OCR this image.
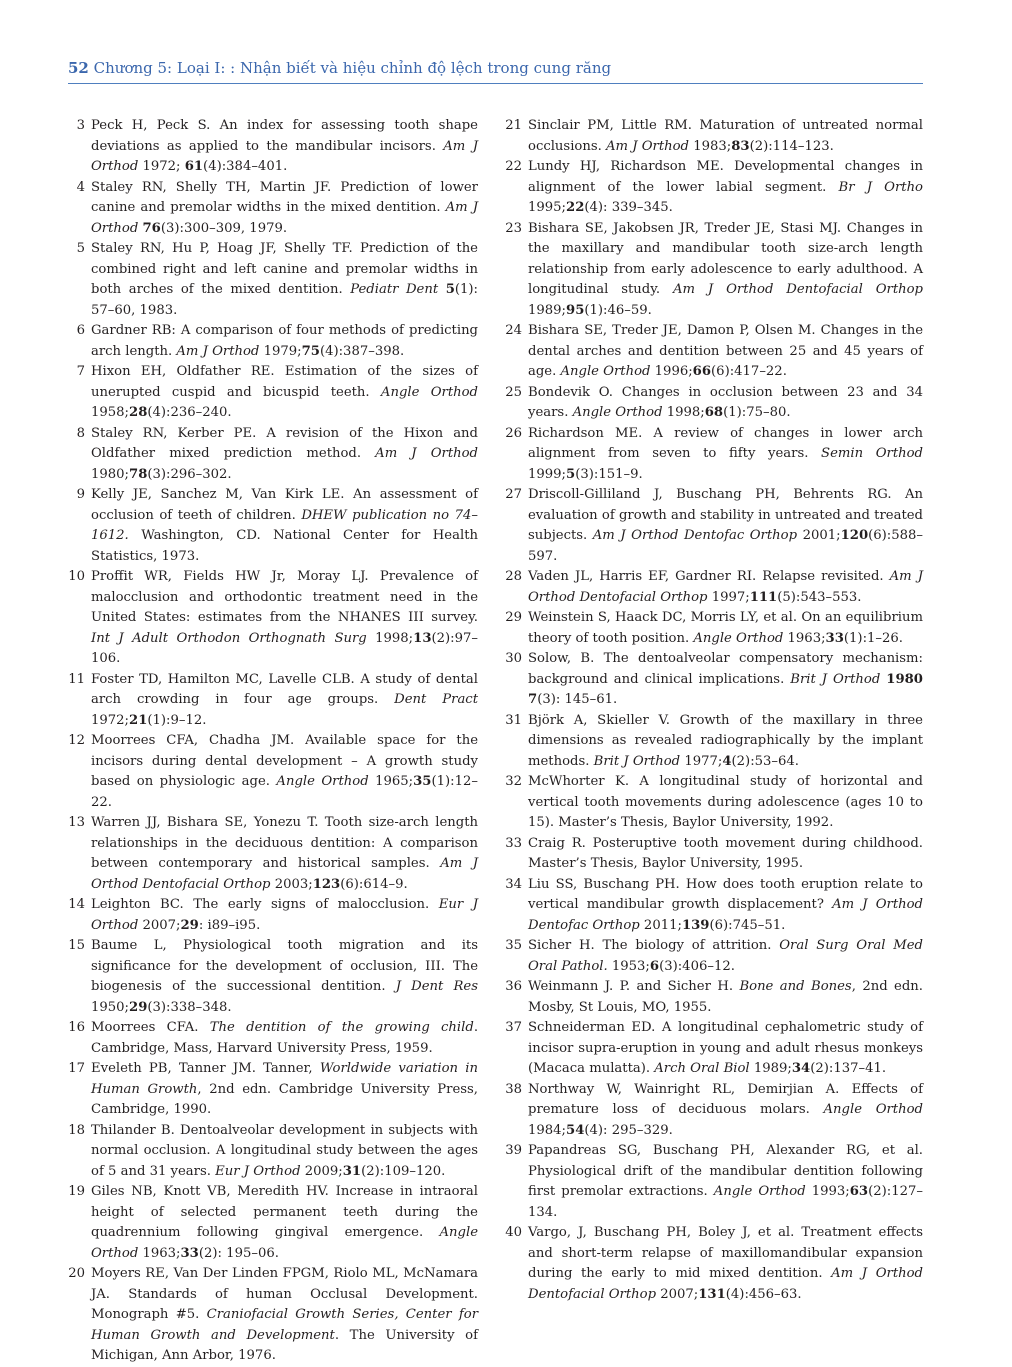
52 Chương 5: Loại I: : Nhận biết và hiệu chỉnh độ lệch trong cung răng
3 Peck H, Peck S. An index for assessing tooth shape deviations as applied to the mandibular incisors. Am J Orthod 1972; 61(4):384–401.
4 Staley RN, Shelly TH, Martin JF. Prediction of lower canine and premolar widths in the mixed dentition. Am J Orthod 76(3):300–309, 1979.
5 Staley RN, Hu P, Hoag JF, Shelly TF. Prediction of the combined right and left canine and premolar widths in both arches of the mixed dentition. Pediatr Dent 5(1): 57–60, 1983.
6 Gardner RB: A comparison of four methods of predicting arch length. Am J Orthod 1979;75(4):387–398.
7 Hixon EH, Oldfather RE. Estimation of the sizes of unerupted cuspid and bicuspid teeth. Angle Orthod 1958;28(4):236–240.
8 Staley RN, Kerber PE. A revision of the Hixon and Oldfather mixed prediction method. Am J Orthod 1980;78(3):296–302.
9 Kelly JE, Sanchez M, Van Kirk LE. An assessment of occlusion of teeth of children. DHEW publication no 74–1612. Washington, CD. National Center for Health Statistics, 1973.
10 Proffit WR, Fields HW Jr, Moray LJ. Prevalence of malocclusion and orthodontic treatment need in the United States: estimates from the NHANES III survey. Int J Adult Orthodon Orthognath Surg 1998;13(2):97–106.
11 Foster TD, Hamilton MC, Lavelle CLB. A study of dental arch crowding in four age groups. Dent Pract 1972;21(1):9–12.
12 Moorrees CFA, Chadha JM. Available space for the incisors during dental development – A growth study based on physiologic age. Angle Orthod 1965;35(1):12–22.
13 Warren JJ, Bishara SE, Yonezu T. Tooth size-arch length relationships in the deciduous dentition: A comparison between contemporary and historical samples. Am J Orthod Dentofacial Orthop 2003;123(6):614–9.
14 Leighton BC. The early signs of malocclusion. Eur J Orthod 2007;29: i89–i95.
15 Baume L, Physiological tooth migration and its significance for the development of occlusion, III. The biogenesis of the successional dentition. J Dent Res 1950;29(3):338–348.
16 Moorrees CFA. The dentition of the growing child. Cambridge, Mass, Harvard University Press, 1959.
17 Eveleth PB, Tanner JM. Tanner, Worldwide variation in Human Growth, 2nd edn. Cambridge University Press, Cambridge, 1990.
18 Thilander B. Dentoalveolar development in subjects with normal occlusion. A longitudinal study between the ages of 5 and 31 years. Eur J Orthod 2009;31(2):109–120.
19 Giles NB, Knott VB, Meredith HV. Increase in intraoral height of selected permanent teeth during the quadrennium following gingival emergence. Angle Orthod 1963;33(2): 195–06.
20 Moyers RE, Van Der Linden FPGM, Riolo ML, McNamara JA. Standards of human Occlusal Development. Monograph #5. Craniofacial Growth Series, Center for Human Growth and Development. The University of Michigan, Ann Arbor, 1976.
21 Sinclair PM, Little RM. Maturation of untreated normal occlusions. Am J Orthod 1983;83(2):114–123.
22 Lundy HJ, Richardson ME. Developmental changes in alignment of the lower labial segment. Br J Ortho 1995;22(4): 339–345.
23 Bishara SE, Jakobsen JR, Treder JE, Stasi MJ. Changes in the maxillary and mandibular tooth size-arch length relationship from early adolescence to early adulthood. A longitudinal study. Am J Orthod Dentofacial Orthop 1989;95(1):46–59.
24 Bishara SE, Treder JE, Damon P, Olsen M. Changes in the dental arches and dentition between 25 and 45 years of age. Angle Orthod 1996;66(6):417–22.
25 Bondevik O. Changes in occlusion between 23 and 34 years. Angle Orthod 1998;68(1):75–80.
26 Richardson ME. A review of changes in lower arch alignment from seven to fifty years. Semin Orthod 1999;5(3):151–9.
27 Driscoll-Gilliland J, Buschang PH, Behrents RG. An evaluation of growth and stability in untreated and treated subjects. Am J Orthod Dentofac Orthop 2001;120(6):588–597.
28 Vaden JL, Harris EF, Gardner RI. Relapse revisited. Am J Orthod Dentofacial Orthop 1997;111(5):543–553.
29 Weinstein S, Haack DC, Morris LY, et al. On an equilibrium theory of tooth position. Angle Orthod 1963;33(1):1–26.
30 Solow, B. The dentoalveolar compensatory mechanism: background and clinical implications. Brit J Orthod 1980 7(3): 145–61.
31 Björk A, Skieller V. Growth of the maxillary in three dimensions as revealed radiographically by the implant methods. Brit J Orthod 1977;4(2):53–64.
32 McWhorter K. A longitudinal study of horizontal and vertical tooth movements during adolescence (ages 10 to 15). Master’s Thesis, Baylor University, 1992.
33 Craig R. Posteruptive tooth movement during childhood. Master’s Thesis, Baylor University, 1995.
34 Liu SS, Buschang PH. How does tooth eruption relate to vertical mandibular growth displacement? Am J Orthod Dentofac Orthop 2011;139(6):745–51.
35 Sicher H. The biology of attrition. Oral Surg Oral Med Oral Pathol. 1953;6(3):406–12.
36 Weinmann J. P. and Sicher H. Bone and Bones, 2nd edn. Mosby, St Louis, MO, 1955.
37 Schneiderman ED. A longitudinal cephalometric study of incisor supra-eruption in young and adult rhesus monkeys (Macaca mulatta). Arch Oral Biol 1989;34(2):137–41.
38 Northway W, Wainright RL, Demirjian A. Effects of premature loss of deciduous molars. Angle Orthod 1984;54(4): 295–329.
39 Papandreas SG, Buschang PH, Alexander RG, et al. Physiological drift of the mandibular dentition following first premolar extractions. Angle Orthod 1993;63(2):127–134.
40 Vargo, J, Buschang PH, Boley J, et al. Treatment effects and short-term relapse of maxillomandibular expansion during the early to mid mixed dentition. Am J Orthod Dentofacial Orthop 2007;131(4):456–63.
